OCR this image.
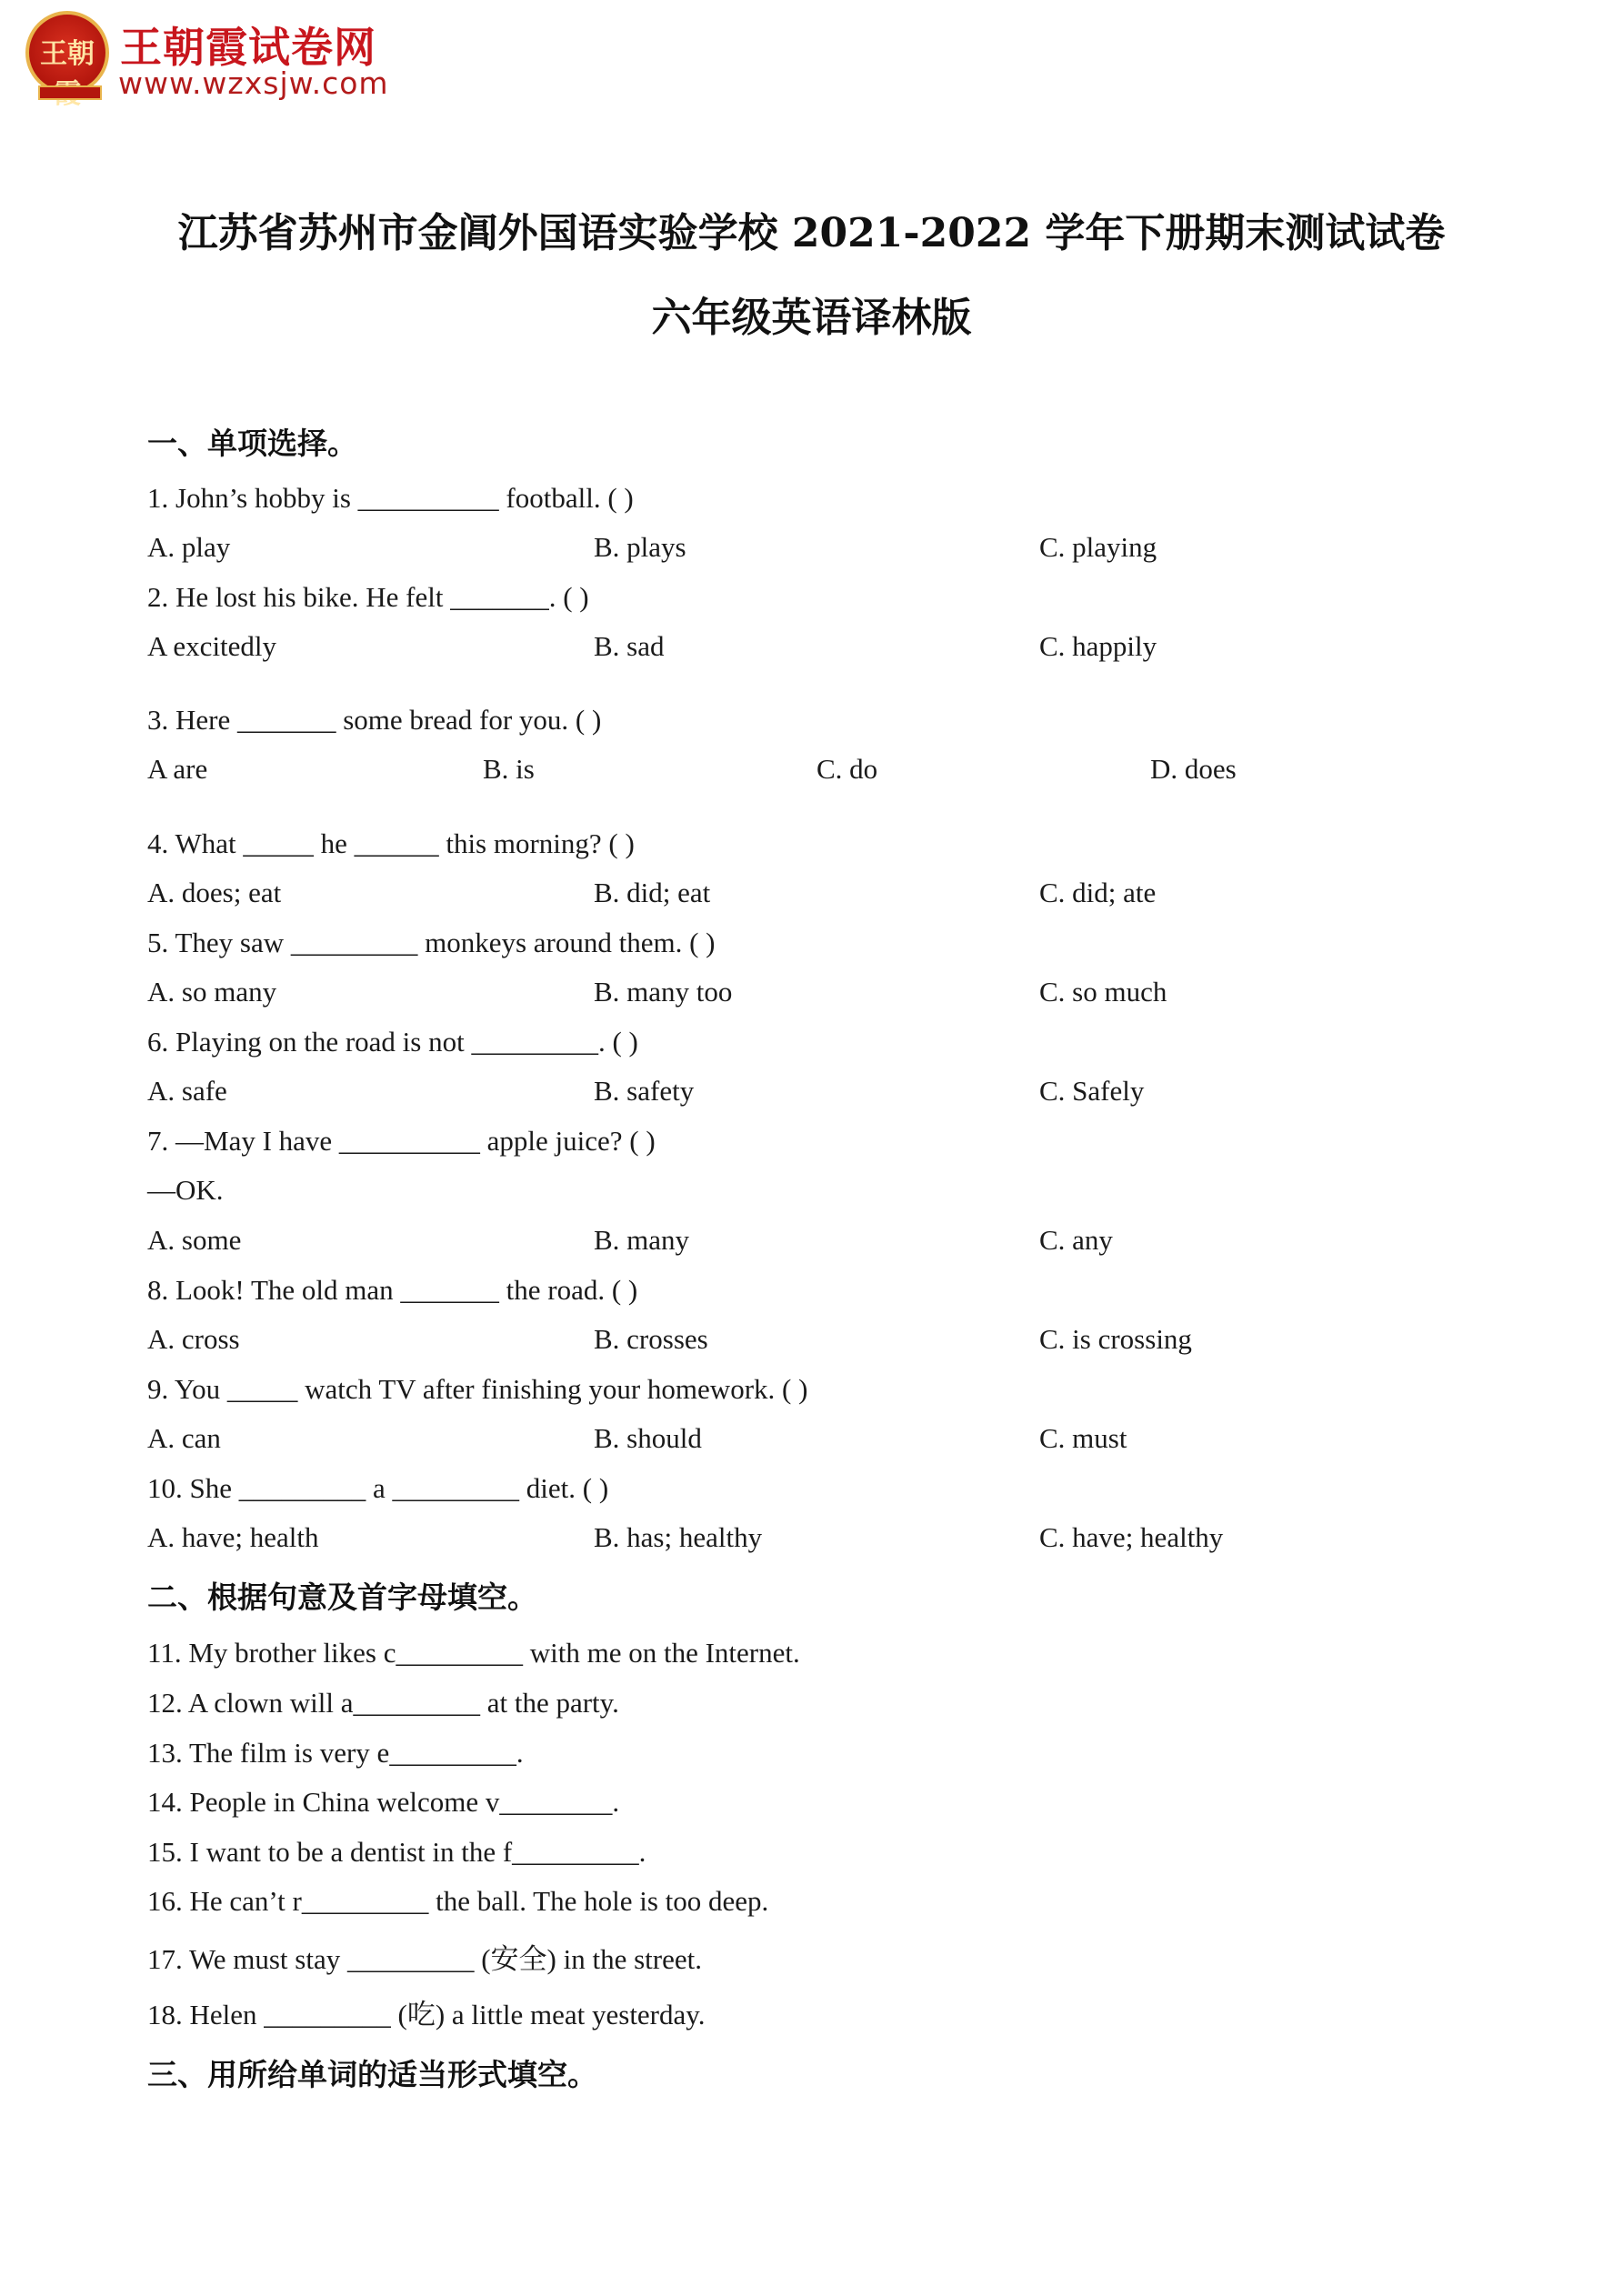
王朝 王朝霞试卷网
www.wzxsjw.com
江苏省苏州市金阊外国语实验学校 2021-2022 学年下册期末测试试卷
六年级英语译林版
一、单项选择。
1. John’s hobby is __________ football. ( )
A. play	B. plays	C. playing
2. He lost his bike. He felt _______. ( )
A excitedly	B. sad	C. happily
3. Here _______ some bread for you. ( )
A are	B. is	C. do	D. does
4. What _____ he ______ this morning? ( )
A. does; eat	B. did; eat	C. did; ate
5. They saw _________ monkeys around them. ( )
A. so many	B. many too	C. so much
6. Playing on the road is not _________. ( )
A. safe	B. safety	C. Safely
7. —May I have __________ apple juice? ( )
—OK.
A. some	B. many	C. any
8. Look! The old man _______ the road. ( )
A. cross	B. crosses	C. is crossing
9. You _____ watch TV after finishing your homework. ( )
A. can	B. should	C. must
10. She _________ a _________ diet. ( )
A. have; health	B. has; healthy	C. have; healthy
二、根据句意及首字母填空。
11. My brother likes c_________ with me on the Internet.
12. A clown will a_________ at the party.
13. The film is very e_________.
14. People in China welcome v________.
15. I want to be a dentist in the f_________.
16. He can’t r_________ the ball. The hole is too deep.
17. We must stay _________ (安全) in the street.
18. Helen _________ (吃) a little meat yesterday.
三、用所给单词的适当形式填空。
